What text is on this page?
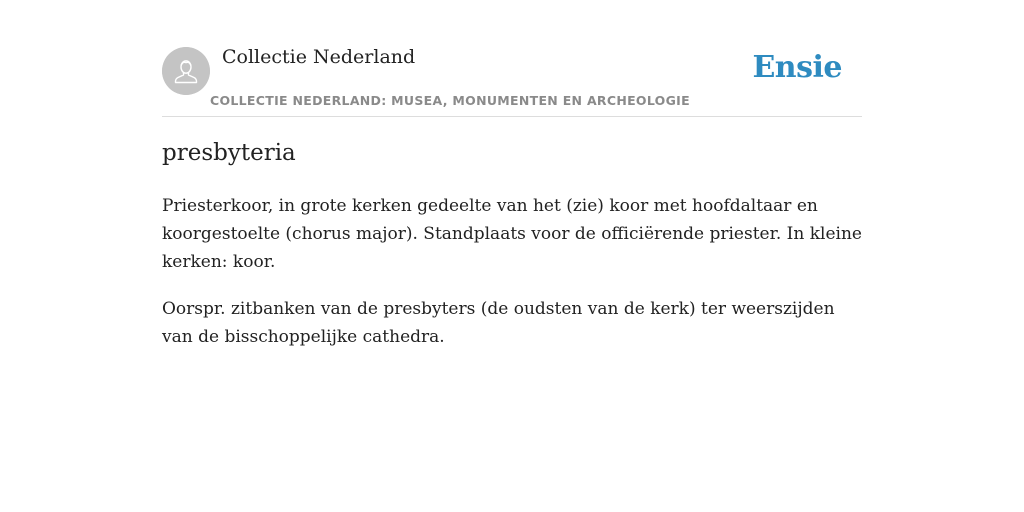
Collectie Nederland
COLLECTIE NEDERLAND: MUSEA, MONUMENTEN EN ARCHEOLOGIE
Ensie
presbyteria

Priesterkoor, in grote kerken gedeelte van het (zie) koor met hoofdaltaar en koorgestoelte (chorus major). Standplaats voor de officiërende priester. In kleine kerken: koor.

Oorspr. zitbanken van de presbyters (de oudsten van de kerk) ter weerszijden van de bisschoppelijke cathedra.
